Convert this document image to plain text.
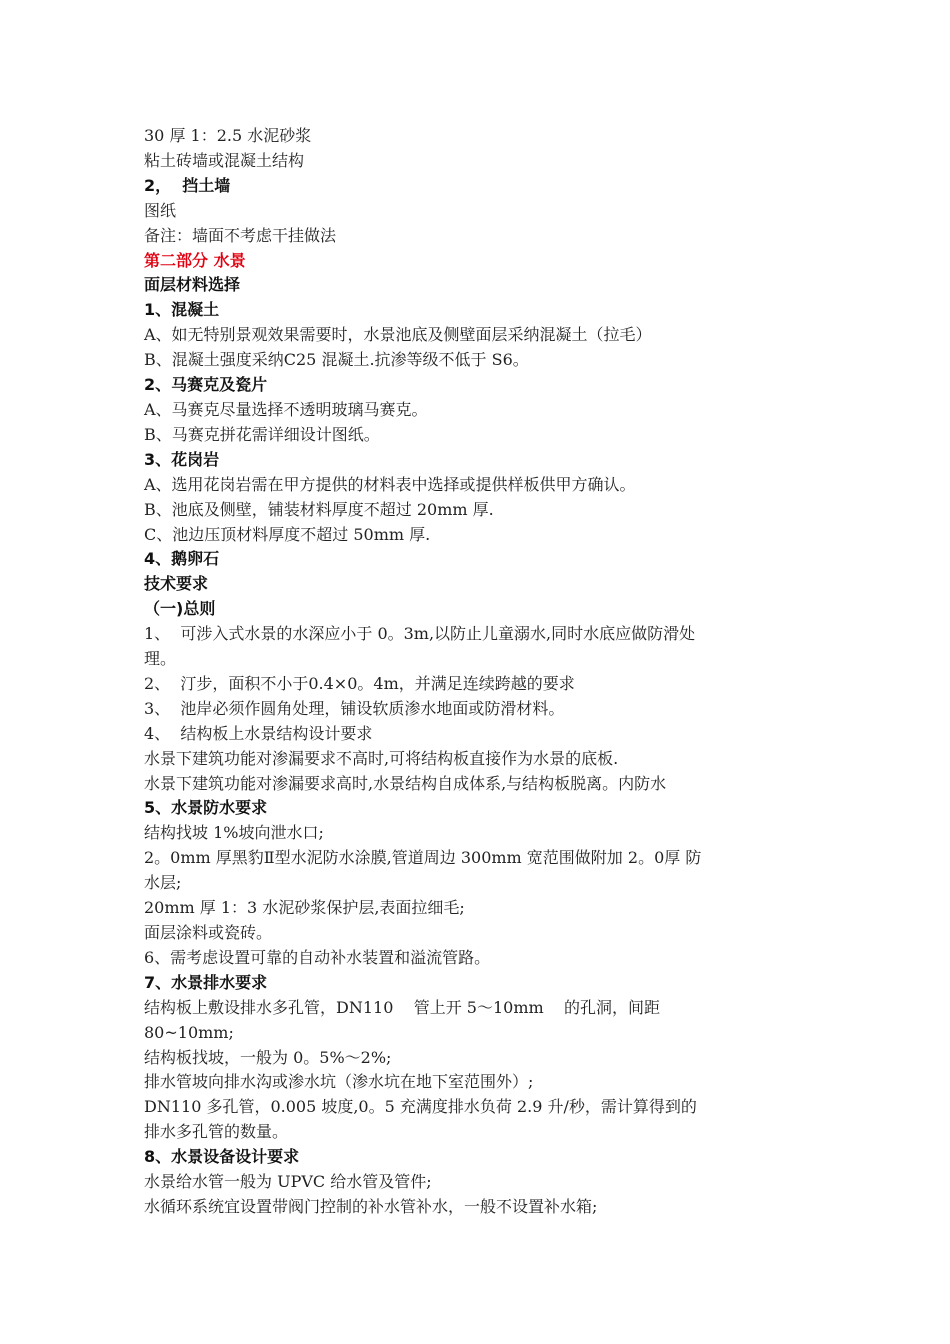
30 厚 1：2.5 水泥砂浆
粘土砖墙或混凝土结构
2，  挡土墙
图纸
备注：墙面不考虑干挂做法
第二部分 水景
面层材料选择
1、混凝土
A、如无特别景观效果需要时，水景池底及侧壁面层采纳混凝土（拉毛）
B、混凝土强度采纳C25 混凝土.抗渗等级不低于 S6。
2、马赛克及瓷片
A、马赛克尽量选择不透明玻璃马赛克。
B、马赛克拼花需详细设计图纸。
3、花岗岩
A、选用花岗岩需在甲方提供的材料表中选择或提供样板供甲方确认。
B、池底及侧壁，铺装材料厚度不超过 20mm 厚.
C、池边压顶材料厚度不超过 50mm 厚.
4、鹅卵石
技术要求
（一)总则
1、  可涉入式水景的水深应小于 0。3m,以防止儿童溺水,同时水底应做防滑处
理。
2、  汀步，面积不小于0.4×0。4m，并满足连续跨越的要求
3、  池岸必须作圆角处理，铺设软质渗水地面或防滑材料。
4、  结构板上水景结构设计要求
水景下建筑功能对渗漏要求不高时,可将结构板直接作为水景的底板.
水景下建筑功能对渗漏要求高时,水景结构自成体系,与结构板脱离。内防水
5、水景防水要求
结构找坡 1%坡向泄水口;
2。0mm 厚黑豹Ⅱ型水泥防水涂膜,管道周边 300mm 宽范围做附加 2。0厚 防
水层;
20mm 厚 1：3 水泥砂浆保护层,表面拉细毛;
面层涂料或瓷砖。
6、需考虑设置可靠的自动补水装置和溢流管路。
7、水景排水要求
结构板上敷设排水多孔管，DN110    管上开 5～10mm    的孔洞，间距
80~10mm;
结构板找坡，一般为 0。5%～2%;
排水管坡向排水沟或渗水坑（渗水坑在地下室范围外）;
DN110 多孔管，0.005 坡度,0。5 充满度排水负荷 2.9 升/秒，需计算得到的
排水多孔管的数量。
8、水景设备设计要求
水景给水管一般为 UPVC 给水管及管件;
水循环系统宜设置带阀门控制的补水管补水，一般不设置补水箱;
